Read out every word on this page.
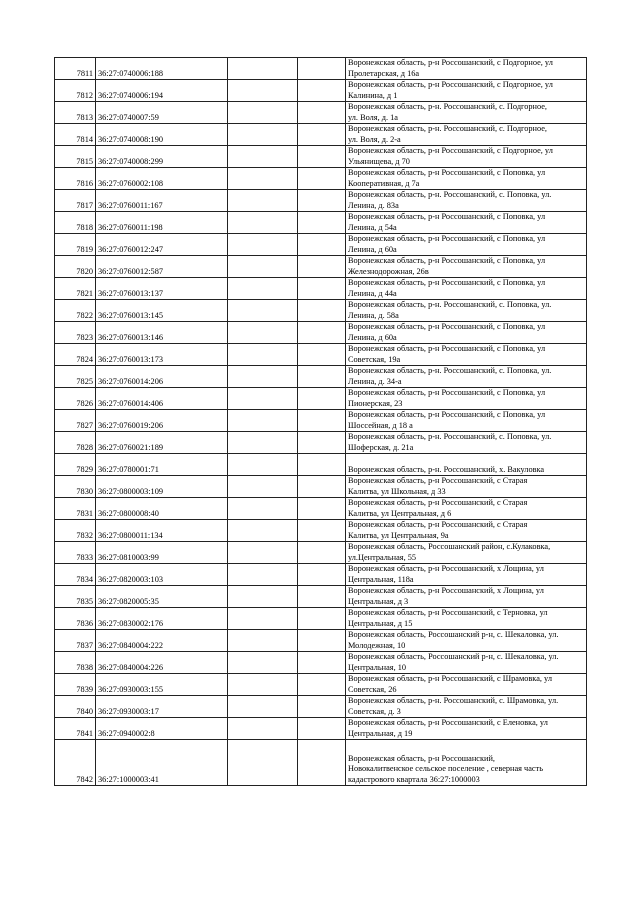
7811	36:27:0740006:188			Воронежская область, р-н Россошанский, с Подгорное, ул
Пролетарская, д 16а

7812	36:27:0740006:194			Воронежская область, р-н Россошанский, с Подгорное, ул
Калинина, д 1

7813	36:27:0740007:59			Воронежская область, р-н. Россошанский, с. Подгорное,
ул. Воля, д. 1а

7814	36:27:0740008:190			Воронежская область, р-н. Россошанский, с. Подгорное,
ул. Воля, д. 2-а

7815	36:27:0740008:299			Воронежская область, р-н Россошанский, с Подгорное, ул
Ульянищева, д 70

7816	36:27:0760002:108			Воронежская область, р-н Россошанский, с Поповка, ул
Кооперативная, д 7а

7817	36:27:0760011:167			Воронежская область, р-н. Россошанский, с. Поповка, ул.
Ленина, д. 83а

7818	36:27:0760011:198			Воронежская область, р-н Россошанский, с Поповка, ул
Ленина, д 54а

7819	36:27:0760012:247			Воронежская область, р-н Россошанский, с Поповка, ул
Ленина, д 60а

7820	36:27:0760012:587			Воронежская область, р-н Россошанский, с Поповка, ул
Железнодорожная, 26в

7821	36:27:0760013:137			Воронежская область, р-н Россошанский, с Поповка, ул
Ленина, д 44а

7822	36:27:0760013:145			Воронежская область, р-н. Россошанский, с. Поповка, ул.
Ленина, д. 58а

7823	36:27:0760013:146			Воронежская область, р-н Россошанский, с Поповка, ул
Ленина, д 60а

7824	36:27:0760013:173			Воронежская область, р-н Россошанский, с Поповка, ул
Советская, 19а

7825	36:27:0760014:206			Воронежская область, р-н. Россошанский, с. Поповка, ул.
Ленина, д. 34-а

7826	36:27:0760014:406			Воронежская область, р-н Россошанский, с Поповка, ул
Пионерская, 23

7827	36:27:0760019:206			Воронежская область, р-н Россошанский, с Поповка, ул
Шоссейная, д 18 а

7828	36:27:0760021:189			Воронежская область, р-н. Россошанский, с. Поповка, ул.
Шоферская, д. 21а

7829	36:27:0780001:71			Воронежская область, р-н. Россошанский, х. Вакуловка

7830	36:27:0800003:109			Воронежская область, р-н Россошанский, с Старая
Калитва, ул Школьная, д 33

7831	36:27:0800008:40			Воронежская область, р-н Россошанский, с Старая
Калитва, ул Центральная, д 6

7832	36:27:0800011:134			Воронежская область, р-н Россошанский, с Старая
Калитва, ул Центральная, 9а

7833	36:27:0810003:99			Воронежская область, Россошанский район, с.Кулаковка,
ул.Центральная, 55

7834	36:27:0820003:103			Воронежская область, р-н Россошанский, х Лощина, ул
Центральная, 118а

7835	36:27:0820005:35			Воронежская область, р-н Россошанский, х Лощина, ул
Центральная, д 3

7836	36:27:0830002:176			Воронежская область, р-н Россошанский, с Терновка, ул
Центральная, д 15

7837	36:27:0840004:222			Воронежская область, Россошанский р-н, с. Шекаловка, ул.
Молодежная, 10

7838	36:27:0840004:226			Воронежская область, Россошанский р-н, с. Шекаловка, ул.
Центральная, 10

7839	36:27:0930003:155			Воронежская область, р-н Россошанский, с Шрамовка, ул
Советская, 26

7840	36:27:0930003:17			Воронежская область, р-н. Россошанский, с. Шрамовка, ул.
Советская, д. 3

7841	36:27:0940002:8			Воронежская область, р-н Россошанский, с Еленовка, ул
Центральная, д 19

7842	36:27:1000003:41			Воронежская область, р-н Россошанский,
Новокалитвенское сельское поселение , северная часть
кадастрового квартала 36:27:1000003
